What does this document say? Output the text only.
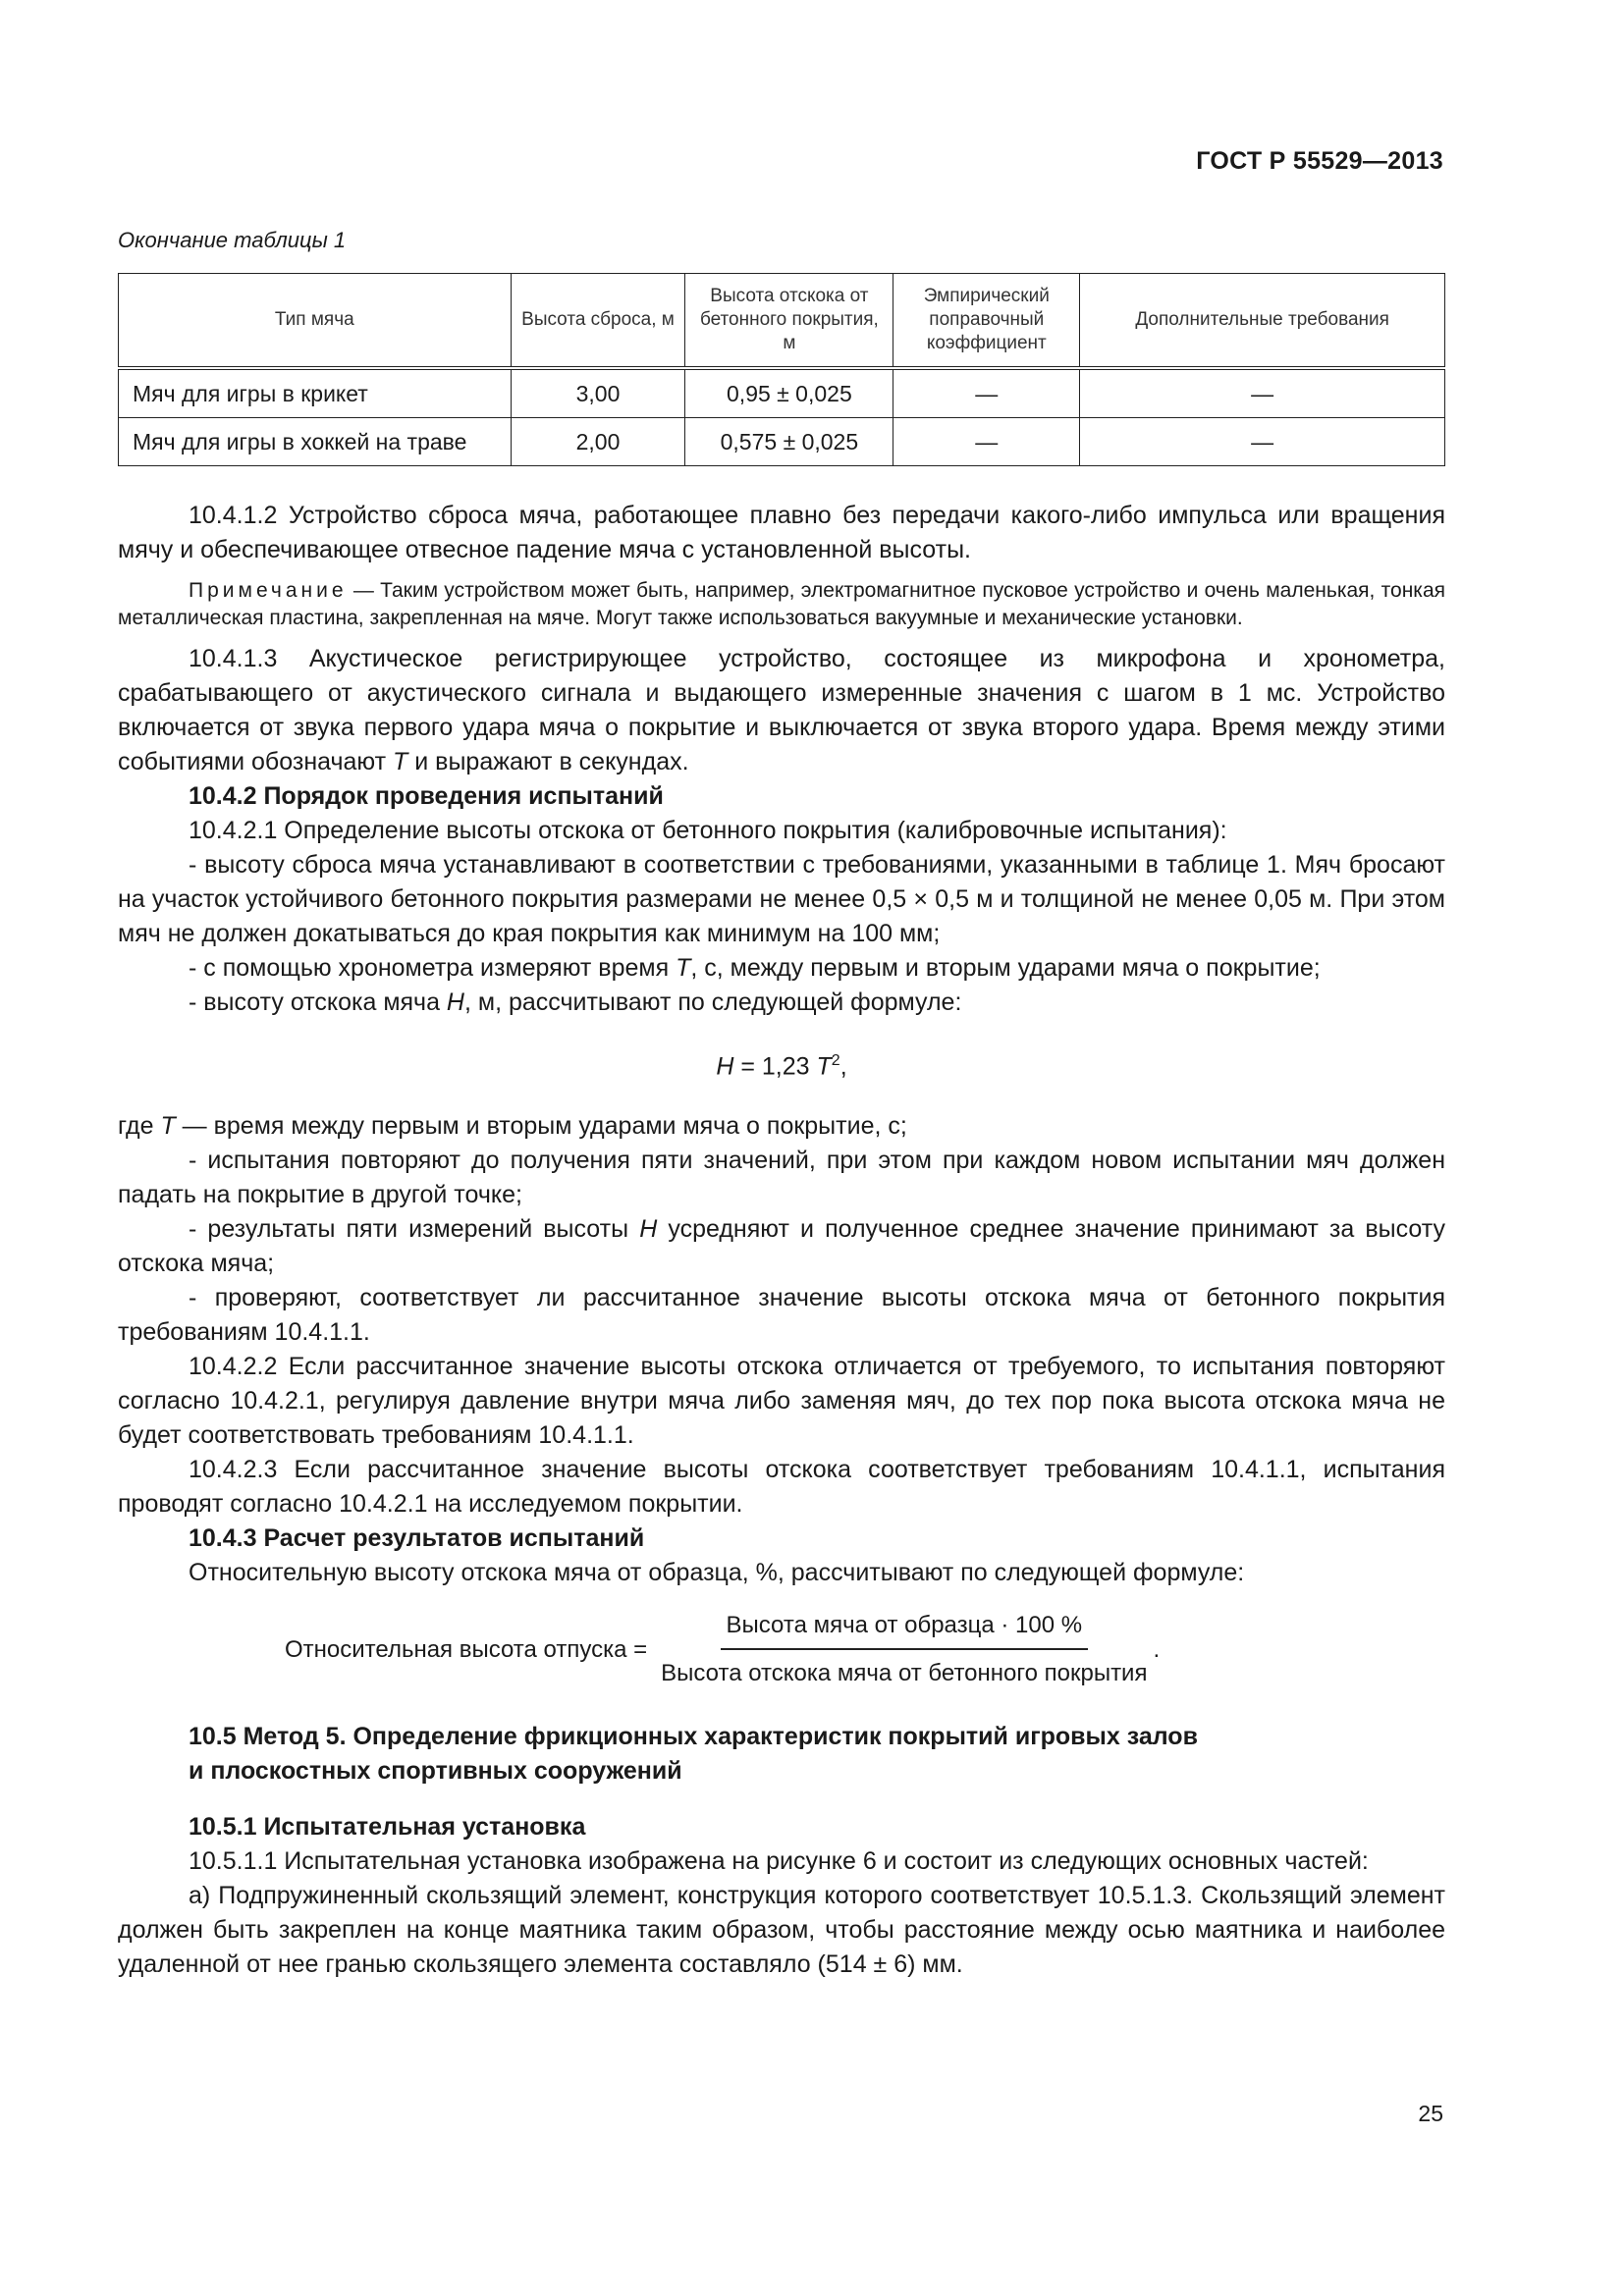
ГОСТ Р 55529—2013
Окончание таблицы 1
Тип мяча	Высота сброса, м	Высота отскока от бетонного покрытия, м	Эмпирический поправочный коэффициент	Дополнительные требования
Мяч для игры в крикет	3,00	0,95 ± 0,025	—	—
Мяч для игры в хоккей на траве	2,00	0,575 ± 0,025	—	—

10.4.1.2 Устройство сброса мяча, работающее плавно без передачи какого-либо импульса или вращения мячу и обеспечивающее отвесное падение мяча с установленной высоты.

Примечание — Таким устройством может быть, например, электромагнитное пусковое устройство и очень маленькая, тонкая металлическая пластина, закрепленная на мяче. Могут также использоваться вакуумные и механические установки.

10.4.1.3 Акустическое регистрирующее устройство, состоящее из микрофона и хронометра, срабатывающего от акустического сигнала и выдающего измеренные значения с шагом в 1 мс. Устройство включается от звука первого удара мяча о покрытие и выключается от звука второго удара. Время между этими событиями обозначают T и выражают в секундах.

10.4.2 Порядок проведения испытаний

10.4.2.1 Определение высоты отскока от бетонного покрытия (калибровочные испытания):

- высоту сброса мяча устанавливают в соответствии с требованиями, указанными в таблице 1. Мяч бросают на участок устойчивого бетонного покрытия размерами не менее 0,5 × 0,5 м и толщиной не менее 0,05 м. При этом мяч не должен докатываться до края покрытия как минимум на 100 мм;

- с помощью хронометра измеряют время T, с, между первым и вторым ударами мяча о покрытие;

- высоту отскока мяча H, м, рассчитывают по следующей формуле:

H = 1,23 $T^2$,

где T — время между первым и вторым ударами мяча о покрытие, с;

- испытания повторяют до получения пяти значений, при этом при каждом новом испытании мяч должен падать на покрытие в другой точке;

- результаты пяти измерений высоты H усредняют и полученное среднее значение принимают за высоту отскока мяча;

- проверяют, соответствует ли рассчитанное значение высоты отскока мяча от бетонного покрытия требованиям 10.4.1.1.

10.4.2.2 Если рассчитанное значение высоты отскока отличается от требуемого, то испытания повторяют согласно 10.4.2.1, регулируя давление внутри мяча либо заменяя мяч, до тех пор пока высота отскока мяча не будет соответствовать требованиям 10.4.1.1.

10.4.2.3 Если рассчитанное значение высоты отскока соответствует требованиям 10.4.1.1, испытания проводят согласно 10.4.2.1 на исследуемом покрытии.

10.4.3 Расчет результатов испытаний

Относительную высоту отскока мяча от образца, %, рассчитывают по следующей формуле:

Относительная высота отпуска = $\frac{\text{Высота мяча от образца · 100 \%}}{\text{Высота отскока мяча от бетонного покрытия}}$ .

10.5 Метод 5. Определение фрикционных характеристик покрытий игровых залов

и плоскостных спортивных сооружений

10.5.1 Испытательная установка

10.5.1.1 Испытательная установка изображена на рисунке 6 и состоит из следующих основных частей:

а) Подпружиненный скользящий элемент, конструкция которого соответствует 10.5.1.3. Скользящий элемент должен быть закреплен на конце маятника таким образом, чтобы расстояние между осью маятника и наиболее удаленной от нее гранью скользящего элемента составляло (514 ± 6) мм.

25
